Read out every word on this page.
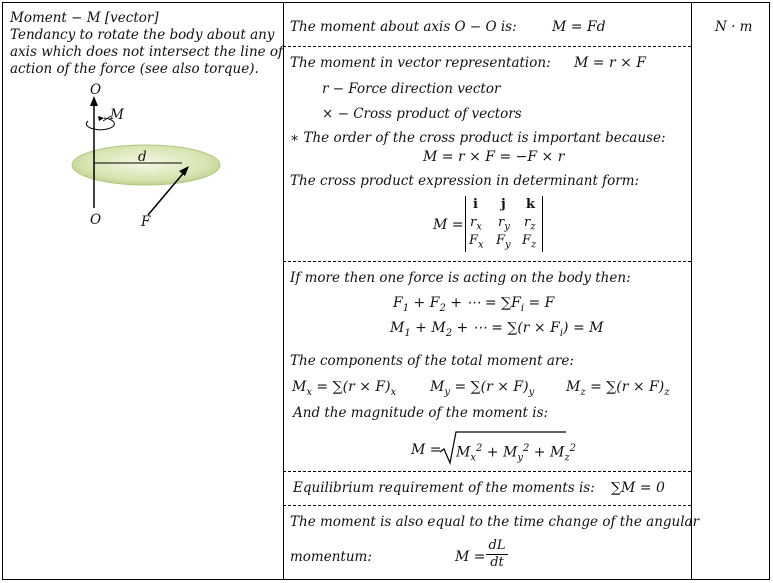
Moment − M [vector]
Tendancy to rotate the body about any
axis which does not intersect the line of
action of the force (see also torque).
O
M
d
O	F
N · m
The moment about axis O − O is:	M = Fd
The moment in vector representation: M = r × F
r − Force direction vector
× − Cross product of vectors
∗ The order of the cross product is important because:
M = r × F = −F × r
The cross product expression in determinant form:
M =
i j k
$r_x$ $r_y$ $r_z$
$F_x$ $F_y$ $F_z$
If more then one force is acting on the body then:
$F_1 + F_2$ + ⋯ = $\sum F_i = F$
$M_1 + M_2$ + ⋯ = $\sum(r \times F_i) = M$
The components of the total moment are:
$M_x = \sum(r \times F)_x$ $M_y = \sum(r \times F)_y$ $M_z = \sum(r \times F)_z$
And the magnitude of the moment is:
$M = M_x^2 + M_y^2 + M_z^2$
Equilibrium requirement of the moments is: ∑M = 0
The moment is also equal to the time change of the angular
momentum:	$M = \frac{dL}{dt}$
